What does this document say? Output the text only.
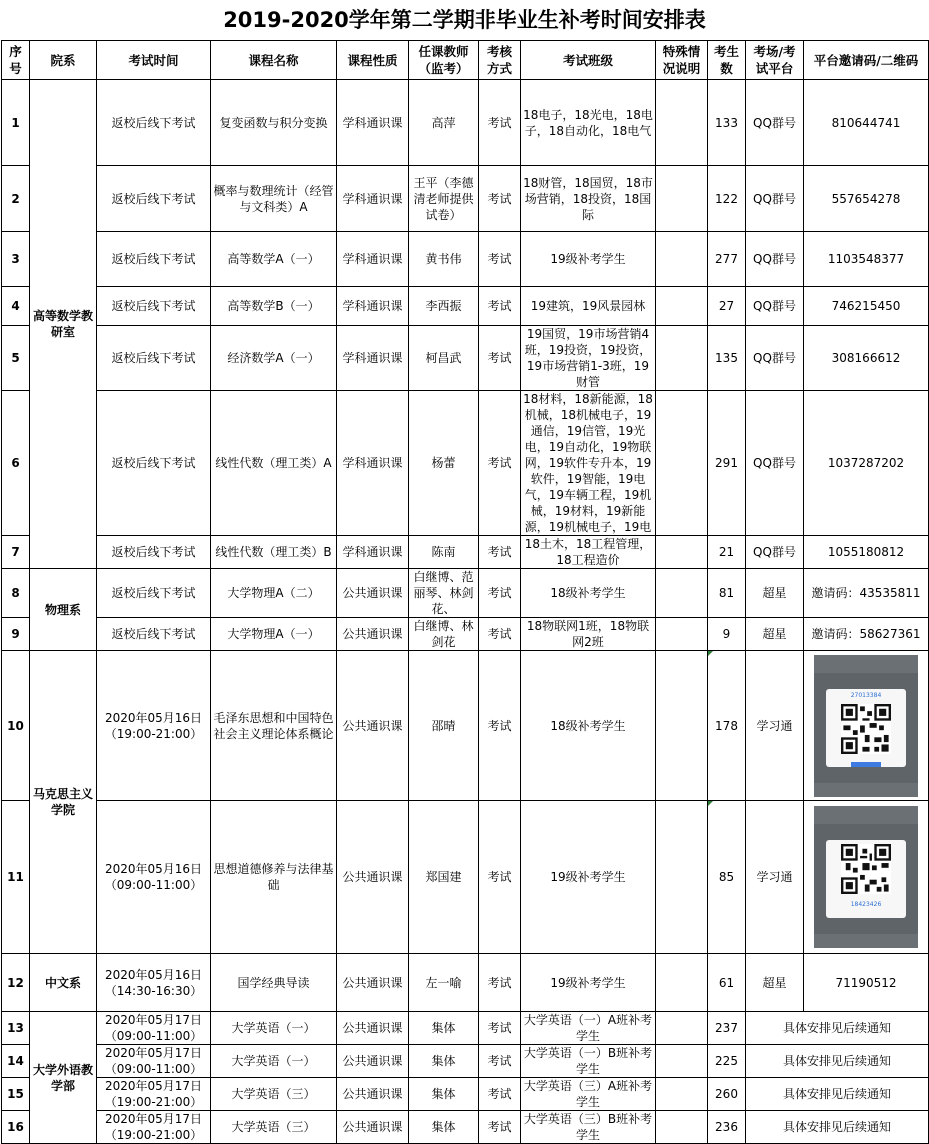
2019-2020学年第二学期非毕业生补考时间安排表
序号	院系	考试时间	课程名称	课程性质	任课教师（监考）	考核方式	考试班级	特殊情况说明	考生数	考场/考试平台	平台邀请码/二维码
1	高等数学教研室	返校后线下考试	复变函数与积分变换	学科通识课	高萍	考试	18电子，18光电，18电子，18自动化，18电气		133	QQ群号	810644741
2		返校后线下考试	概率与数理统计（经管与文科类）A	学科通识课	王平（李德清老师提供试卷）	考试	18财管，18国贸，18市场营销，18投资，18国际		122	QQ群号	557654278
3		返校后线下考试	高等数学A（一）	学科通识课	黄书伟	考试	19级补考学生		277	QQ群号	1103548377
4		返校后线下考试	高等数学B（一）	学科通识课	李西振	考试	19建筑，19风景园林		27	QQ群号	746215450
5		返校后线下考试	经济数学A（一）	学科通识课	柯昌武	考试	19国贸，19市场营销4班，19投资，19投资，19市场营销1-3班，19财管		135	QQ群号	308166612
6		返校后线下考试	线性代数（理工类）A	学科通识课	杨蕾	考试	18材料，18新能源，18机械，18机械电子，19通信，19信管，19光电，19自动化，19物联网，19软件专升本，19软件，19智能，19电气，19车辆工程，19机械，19材料，19新能源，19机械电子，19电		291	QQ群号	1037287202
7		返校后线下考试	线性代数（理工类）B	学科通识课	陈南	考试	18土木，18工程管理，18工程造价		21	QQ群号	1055180812
8	物理系	返校后线下考试	大学物理A（二）	公共通识课	白继博、范丽琴、林剑花、	考试	18级补考学生		81	超星	邀请码：43535811
9		返校后线下考试	大学物理A（一）	公共通识课	白继博、林剑花	考试	18物联网1班，18物联网2班		9	超星	邀请码：58627361
10	马克思主义学院	2020年05月16日（19:00-21:00）	毛泽东思想和中国特色社会主义理论体系概论	公共通识课	邵晴	考试	18级补考学生		178	学习通	27013384

11		2020年05月16日（09:00-11:00）	思想道德修养与法律基础	公共通识课	郑国建	考试	19级补考学生		85	学习通	18423426

12	中文系	2020年05月16日（14:30-16:30）	国学经典导读	公共通识课	左一喻	考试	19级补考学生		61	超星	71190512
13	大学外语教学部	2020年05月17日（09:00-11:00）	大学英语（一）	公共通识课	集体	考试	大学英语（一）A班补考学生		237	具体安排见后续通知	
14		2020年05月17日（09:00-11:00）	大学英语（一）	公共通识课	集体	考试	大学英语（一）B班补考学生		225	具体安排见后续通知	
15		2020年05月17日（19:00-21:00）	大学英语（三）	公共通识课	集体	考试	大学英语（三）A班补考学生		260	具体安排见后续通知	
16		2020年05月17日（19:00-21:00）	大学英语（三）	公共通识课	集体	考试	大学英语（三）B班补考学生		236	具体安排见后续通知	
